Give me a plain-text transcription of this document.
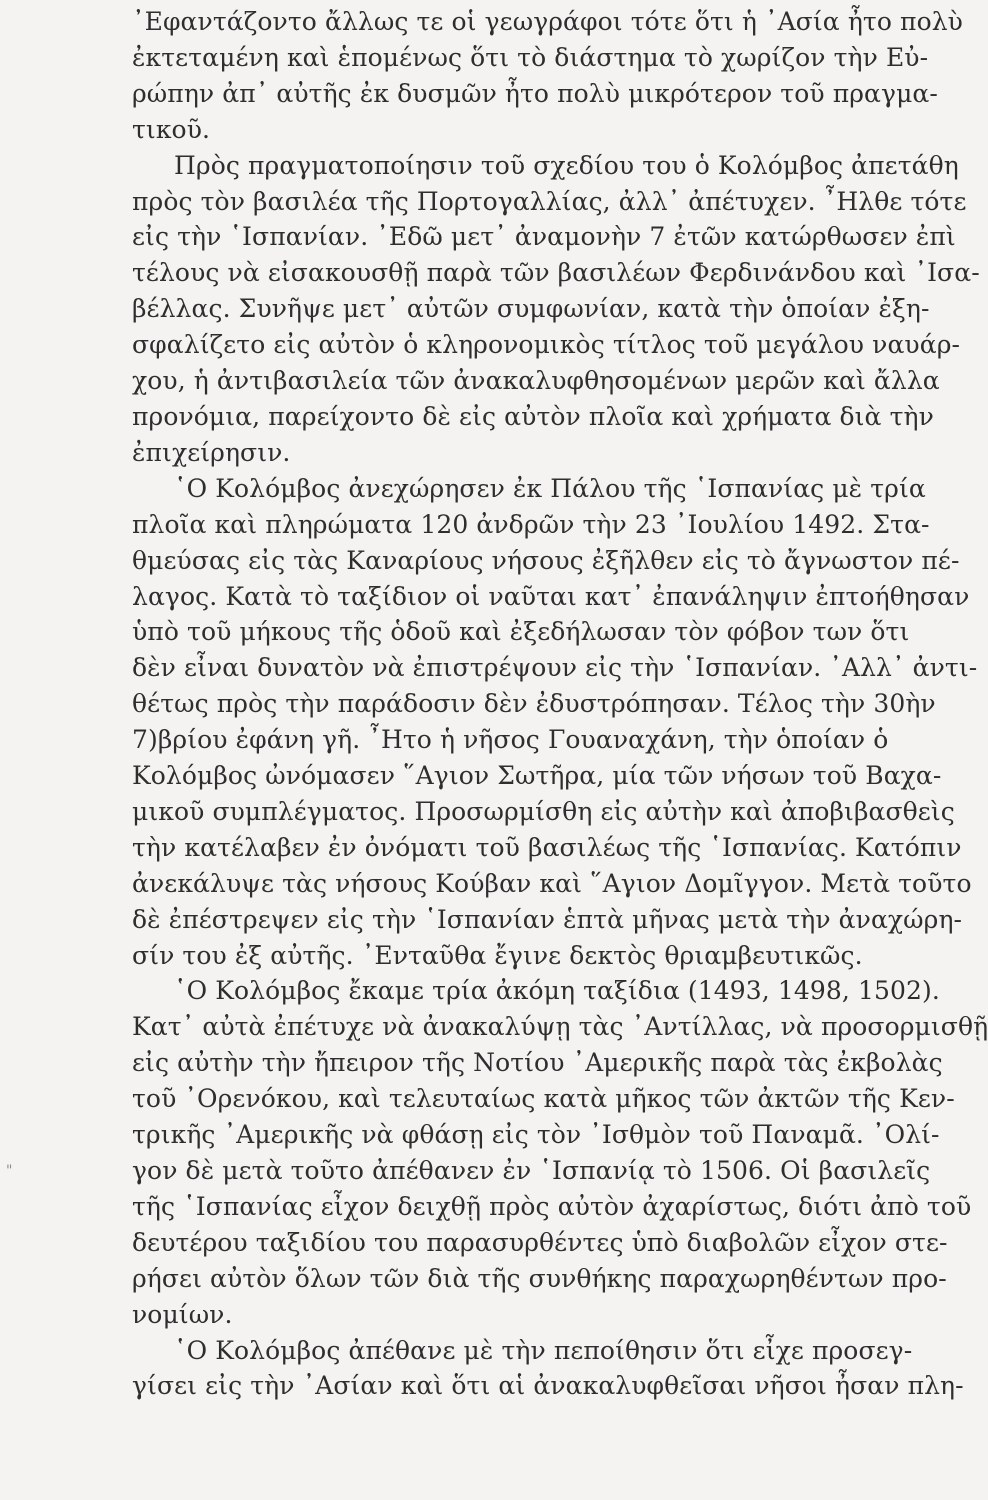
"

᾿Εφαντάζοντο ἄλλως τε οἱ γεωγράφοι τότε ὅτι ἡ ᾿Ασία ἦτο πολὺ
ἐκτεταμένη καὶ ἑπομένως ὅτι τὸ διάστημα τὸ χωρίζον τὴν Εὐ-
ρώπην ἀπ᾿ αὐτῆς ἐκ δυσμῶν ἦτο πολὺ μικρότερον τοῦ πραγμα-
τικοῦ.

Πρὸς πραγματοποίησιν τοῦ σχεδίου του ὁ Κολόμβος ἀπετάθη
πρὸς τὸν βασιλέα τῆς Πορτογαλλίας, ἀλλ᾿ ἀπέτυχεν. ῏Ηλθε τότε
εἰς τὴν ῾Ισπανίαν. ᾿Εδῶ μετ᾿ ἀναμονὴν 7 ἐτῶν κατώρθωσεν ἐπὶ
τέλους νὰ εἰσακουσθῇ παρὰ τῶν βασιλέων Φερδινάνδου καὶ ᾿Ισα-
βέλλας. Συνῆψε μετ᾿ αὐτῶν συμφωνίαν, κατὰ τὴν ὁποίαν ἐξη-
σφαλίζετο εἰς αὐτὸν ὁ κληρονομικὸς τίτλος τοῦ μεγάλου ναυάρ-
χου, ἡ ἀντιβασιλεία τῶν ἀνακαλυφθησομένων μερῶν καὶ ἄλλα
προνόμια, παρείχοντο δὲ εἰς αὐτὸν πλοῖα καὶ χρήματα διὰ τὴν
ἐπιχείρησιν.

῾Ο Κολόμβος ἀνεχώρησεν ἐκ Πάλου τῆς ῾Ισπανίας μὲ τρία
πλοῖα καὶ πληρώματα 120 ἀνδρῶν τὴν 23 ᾿Ιουλίου 1492. Στα-
θμεύσας εἰς τὰς Καναρίους νήσους ἐξῆλθεν εἰς τὸ ἄγνωστον πέ-
λαγος. Κατὰ τὸ ταξίδιον οἱ ναῦται κατ᾿ ἐπανάληψιν ἐπτοήθησαν
ὑπὸ τοῦ μήκους τῆς ὁδοῦ καὶ ἐξεδήλωσαν τὸν φόβον των ὅτι
δὲν εἶναι δυνατὸν νὰ ἐπιστρέψουν εἰς τὴν ῾Ισπανίαν. ᾿Αλλ᾿ ἀντι-
θέτως πρὸς τὴν παράδοσιν δὲν ἐδυστρόπησαν. Τέλος τὴν 30ὴν
7)βρίου ἐφάνη γῆ. ῏Ητο ἡ νῆσος Γουαναχάνη, τὴν ὁποίαν ὁ
Κολόμβος ὠνόμασεν ῞Αγιον Σωτῆρα, μία τῶν νήσων τοῦ Βαχα-
μικοῦ συμπλέγματος. Προσωρμίσθη εἰς αὐτὴν καὶ ἀποβιβασθεὶς
τὴν κατέλαβεν ἐν ὀνόματι τοῦ βασιλέως τῆς ῾Ισπανίας. Κατόπιν
ἀνεκάλυψε τὰς νήσους Κούβαν καὶ ῞Αγιον Δομῖγγον. Μετὰ τοῦτο
δὲ ἐπέστρεψεν εἰς τὴν ῾Ισπανίαν ἑπτὰ μῆνας μετὰ τὴν ἀναχώρη-
σίν του ἐξ αὐτῆς. ᾿Ενταῦθα ἔγινε δεκτὸς θριαμβευτικῶς.

῾Ο Κολόμβος ἔκαμε τρία ἀκόμη ταξίδια (1493, 1498, 1502).
Κατ᾿ αὐτὰ ἐπέτυχε νὰ ἀνακαλύψῃ τὰς ᾿Αντίλλας, νὰ προσορμισθῇ
εἰς αὐτὴν τὴν ἤπειρον τῆς Νοτίου ᾿Αμερικῆς παρὰ τὰς ἐκβολὰς
τοῦ ᾿Ορενόκου, καὶ τελευταίως κατὰ μῆκος τῶν ἀκτῶν τῆς Κεν-
τρικῆς ᾿Αμερικῆς νὰ φθάσῃ εἰς τὸν ᾿Ισθμὸν τοῦ Παναμᾶ. ᾿Ολί-
γον δὲ μετὰ τοῦτο ἀπέθανεν ἐν ῾Ισπανίᾳ τὸ 1506. Οἱ βασιλεῖς
τῆς ῾Ισπανίας εἶχον δειχθῇ πρὸς αὐτὸν ἀχαρίστως, διότι ἀπὸ τοῦ
δευτέρου ταξιδίου του παρασυρθέντες ὑπὸ διαβολῶν εἶχον στε-
ρήσει αὐτὸν ὅλων τῶν διὰ τῆς συνθήκης παραχωρηθέντων προ-
νομίων.

῾Ο Κολόμβος ἀπέθανε μὲ τὴν πεποίθησιν ὅτι εἶχε προσεγ-
γίσει εἰς τὴν ᾿Ασίαν καὶ ὅτι αἱ ἀνακαλυφθεῖσαι νῆσοι ἦσαν πλη-
